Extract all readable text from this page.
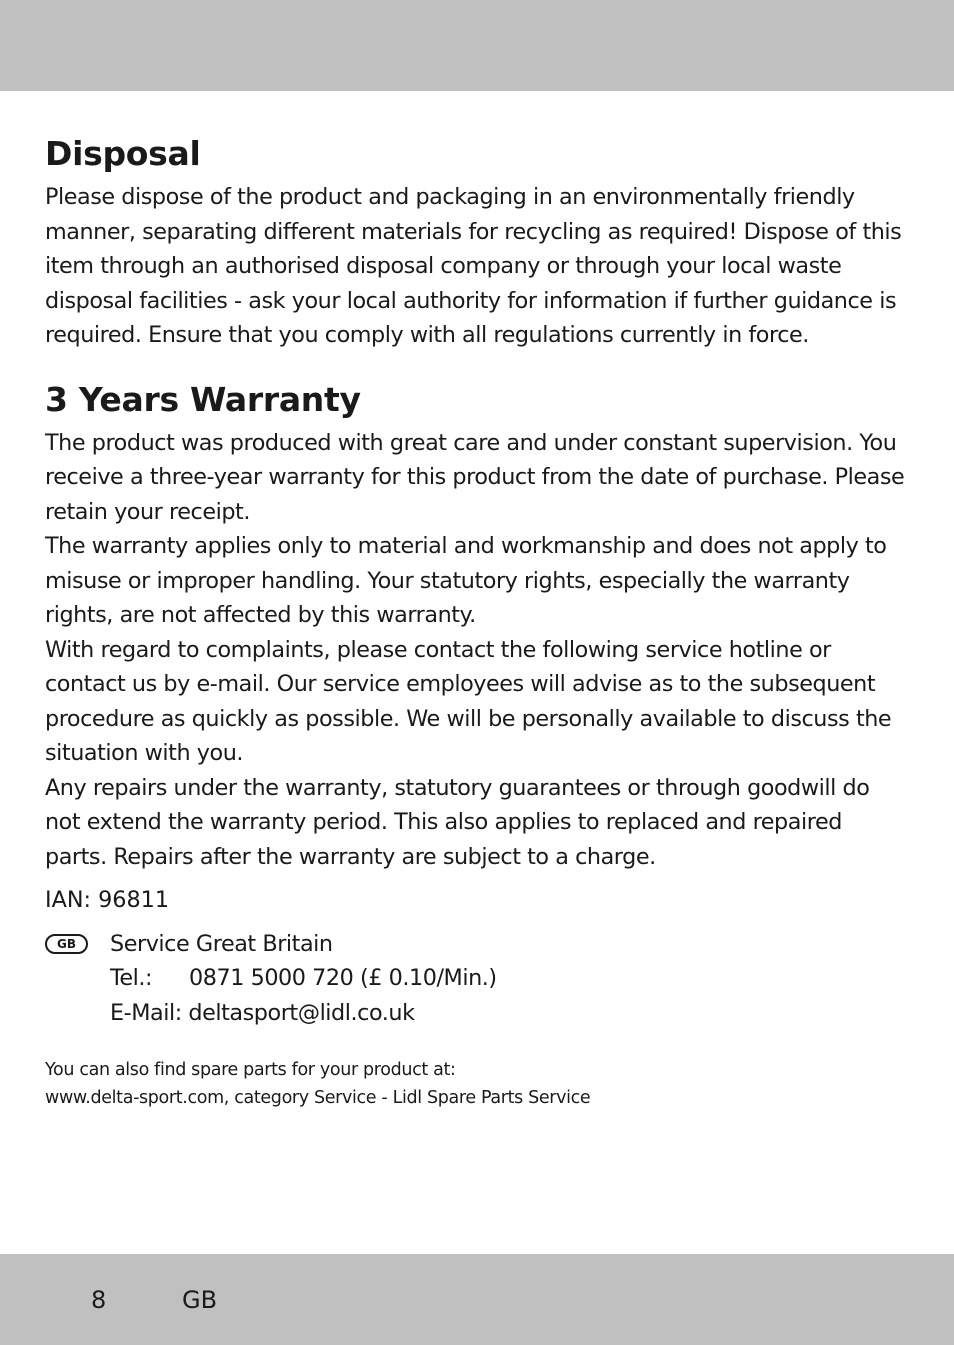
Disposal

Please dispose of the product and packaging in an environmentally friendly manner, separating different materials for recycling as required! Dispose of this item through an authorised disposal company or through your local waste disposal facilities - ask your local authority for information if further guidance is required. Ensure that you comply with all regulations currently in force.

3 Years Warranty

The product was produced with great care and under constant supervision. You receive a three-year warranty for this product from the date of purchase. Please retain your receipt.

The warranty applies only to material and workmanship and does not apply to misuse or improper handling. Your statutory rights, especially the warranty rights, are not affected by this warranty.

With regard to complaints, please contact the following service hotline or contact us by e-mail. Our service employees will advise as to the subsequent procedure as quickly as possible. We will be personally available to discuss the situation with you.

Any repairs under the warranty, statutory guarantees or through goodwill do not extend the warranty period. This also applies to replaced and repaired parts. Repairs after the warranty are subject to a charge.

IAN: 96811
GB	Service Great Britain
Tel.: 0871 5000 720 (£ 0.10/Min.)
E-Mail: deltasport@lidl.co.uk
You can also find spare parts for your product at:
www.delta-sport.com, category Service - Lidl Spare Parts Service
8	GB
